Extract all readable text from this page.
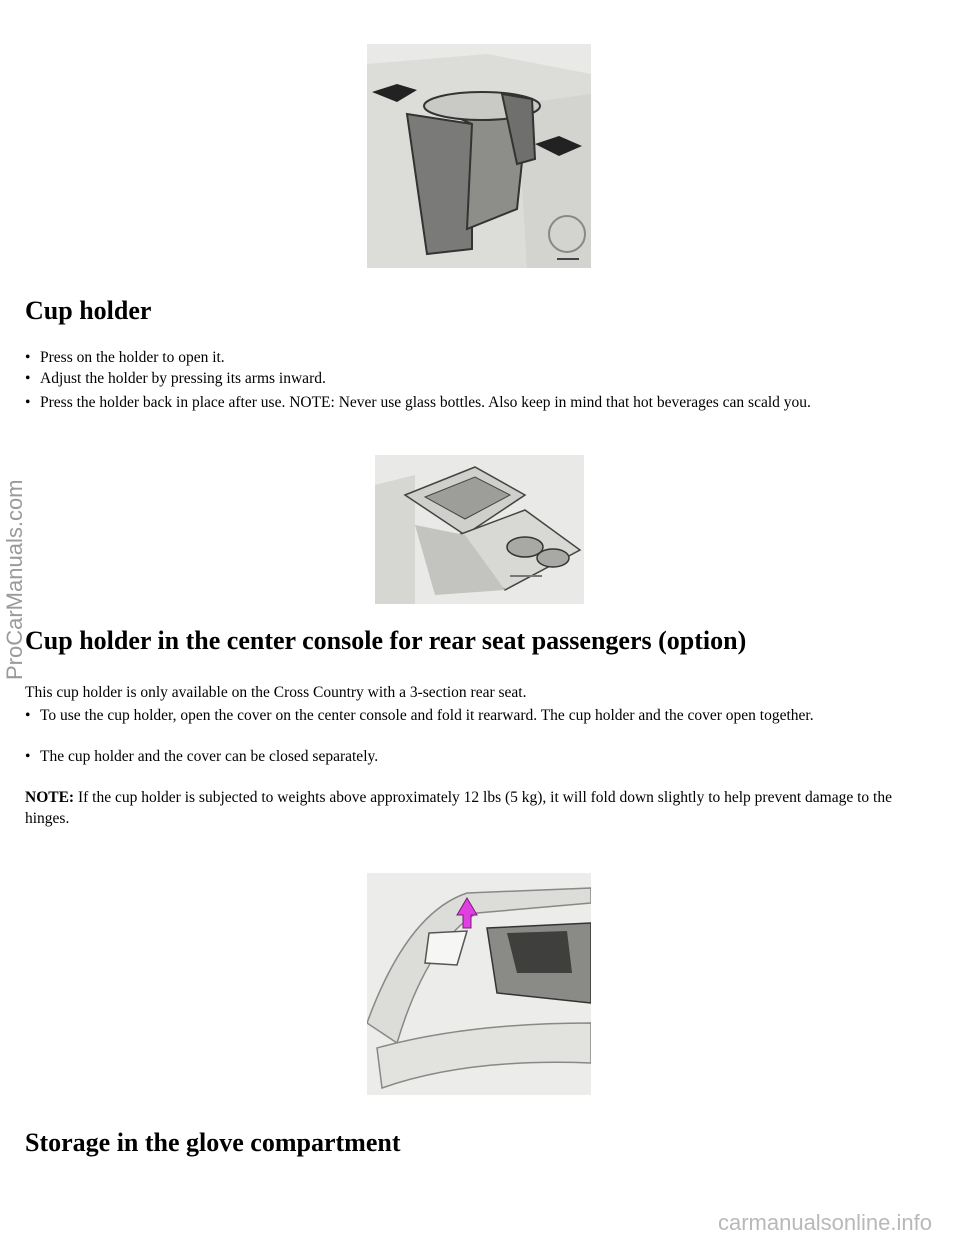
Cup holder

• Press on the holder to open it.

• Adjust the holder by pressing its arms inward.

• Press the holder back in place after use. NOTE: Never use glass bottles. Also keep in mind that hot beverages can scald you.

Cup holder in the center console for rear seat passengers (option)

This cup holder is only available on the Cross Country with a 3-section rear seat.

• To use the cup holder, open the cover on the center console and fold it rearward. The cup holder and the cover open together.

• The cup holder and the cover can be closed separately.

NOTE: If the cup holder is subjected to weights above approximately 12 lbs (5 kg), it will fold down slightly to help prevent damage to the hinges.

Storage in the glove compartment
ProCarManuals.com
carmanualsonline.info
